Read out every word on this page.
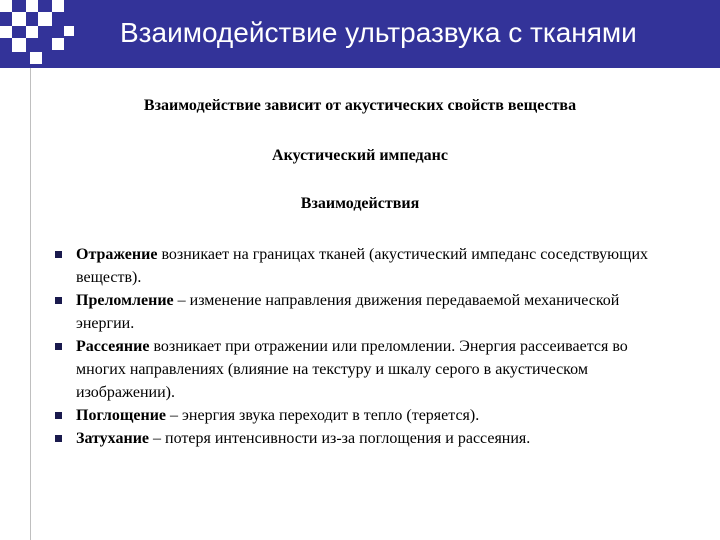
Взаимодействие ультразвука с тканями
Взаимодействие зависит от акустических свойств вещества
Акустический импеданс
Взаимодействия
Отражение возникает на границах тканей (акустический импеданс соседствующих веществ).
Преломление – изменение направления движения передаваемой механической энергии.
Рассеяние возникает при отражении или преломлении. Энергия рассеивается во многих направлениях (влияние на текстуру и шкалу серого в акустическом изображении).
Поглощение – энергия звука переходит в тепло (теряется).
Затухание – потеря интенсивности из-за поглощения и рассеяния.
